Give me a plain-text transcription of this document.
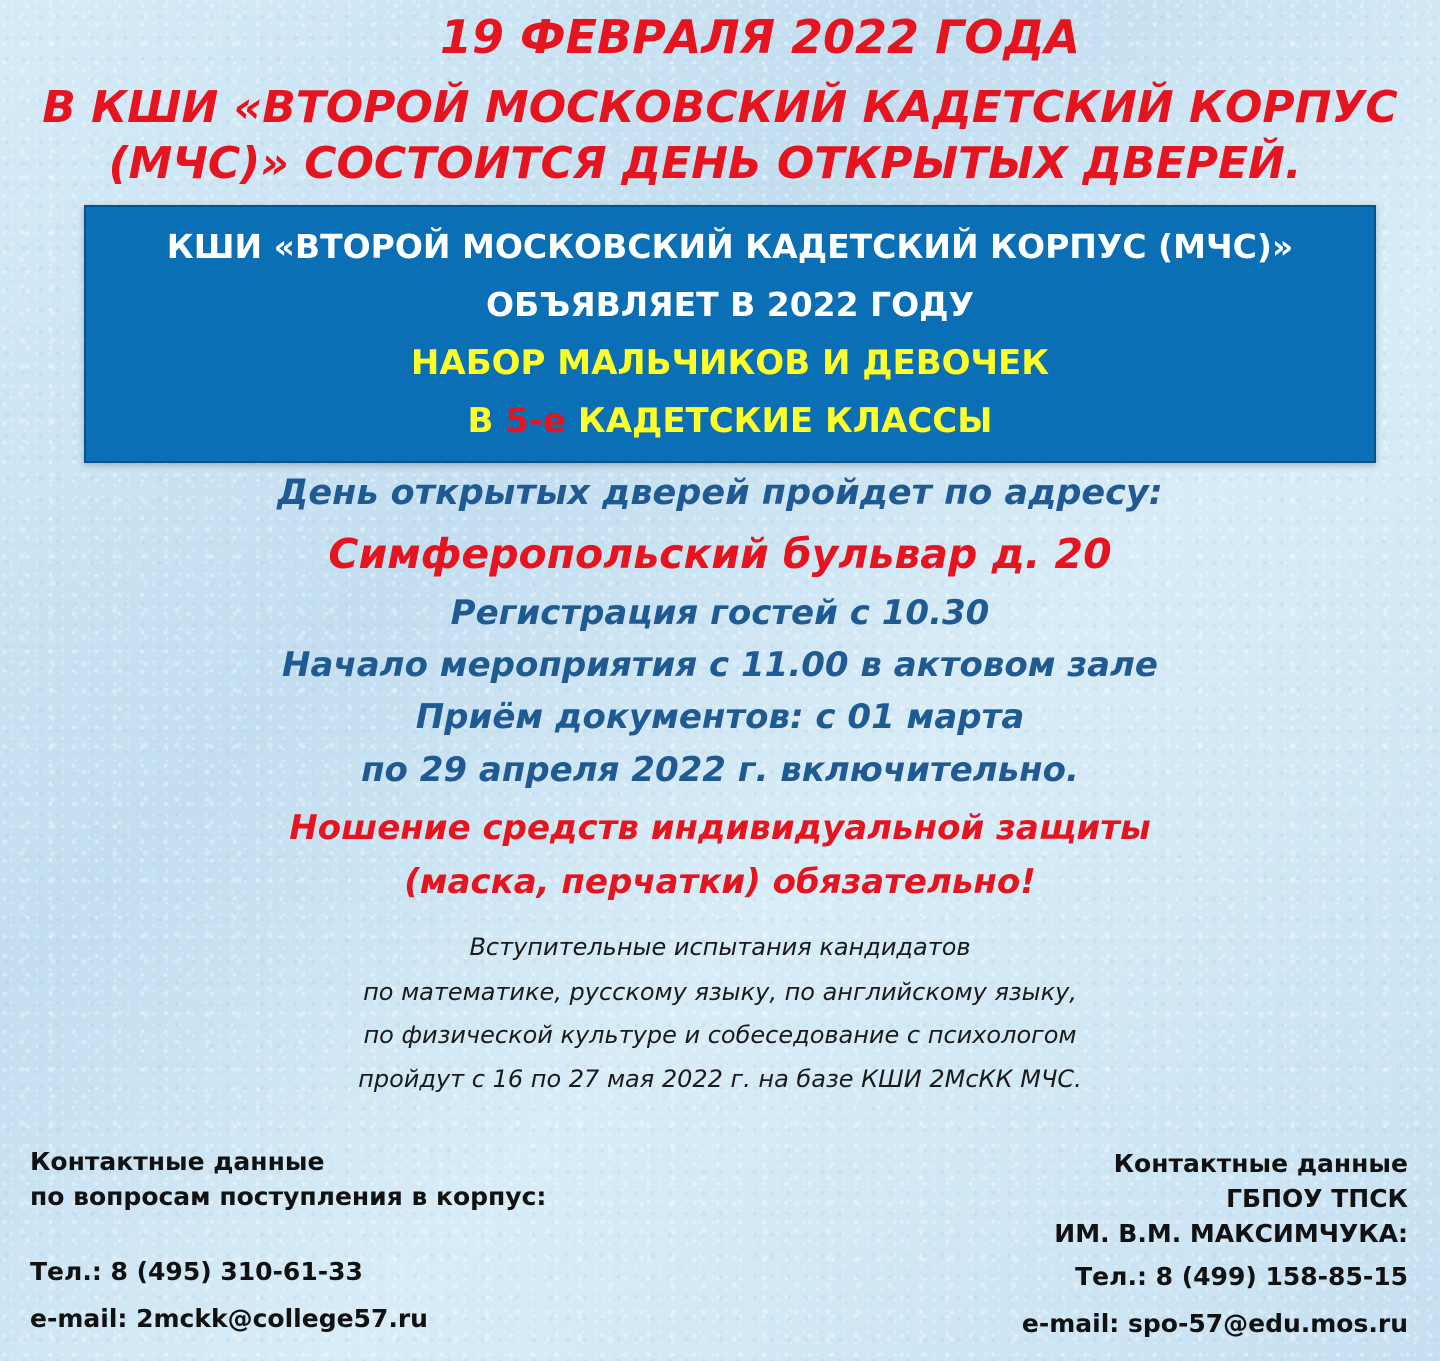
19 ФЕВРАЛЯ 2022 ГОДА
В КШИ «ВТОРОЙ МОСКОВСКИЙ КАДЕТСКИЙ КОРПУС
(МЧС)» СОСТОИТСЯ ДЕНЬ ОТКРЫТЫХ ДВЕРЕЙ.
КШИ «ВТОРОЙ МОСКОВСКИЙ КАДЕТСКИЙ КОРПУС (МЧС)»
ОБЪЯВЛЯЕТ В 2022 ГОДУ
НАБОР МАЛЬЧИКОВ И ДЕВОЧЕК
В 5-е КАДЕТСКИЕ КЛАССЫ
День открытых дверей пройдет по адресу:
Симферопольский бульвар д. 20
Регистрация гостей с 10.30
Начало мероприятия с 11.00 в актовом зале
Приём документов: с 01 марта
по 29 апреля 2022 г. включительно.
Ношение средств индивидуальной защиты
(маска, перчатки) обязательно!
Вступительные испытания кандидатов
по математике, русскому языку, по английскому языку,
по физической культуре и собеседование с психологом
пройдут с 16 по 27 мая 2022 г. на базе КШИ 2МсКК МЧС.
Контактные данные
по вопросам поступления в корпус:
Тел.: 8 (495) 310-61-33
e-mail: 2mckk@college57.ru
Контактные данные
ГБПОУ ТПСК
ИМ. В.М. МАКСИМЧУКА:
Тел.: 8 (499) 158-85-15
e-mail: spo-57@edu.mos.ru
